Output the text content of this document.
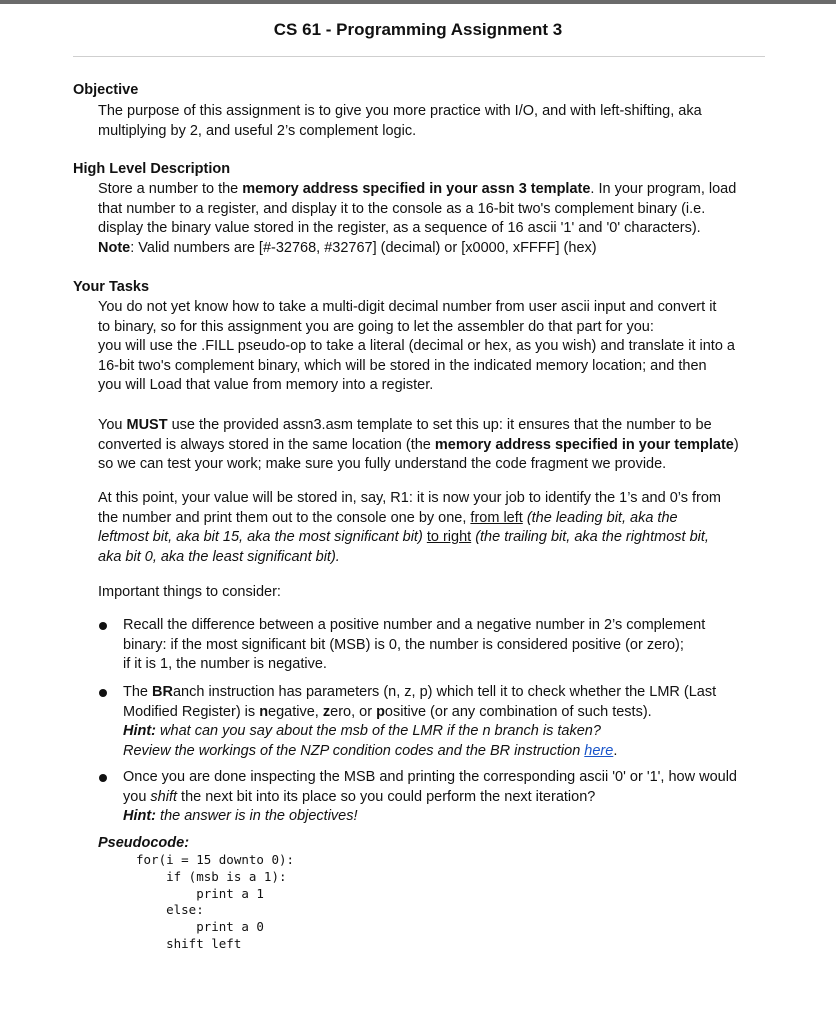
CS 61 - Programming Assignment 3
Objective
The purpose of this assignment is to give you more practice with I/O, and with left-shifting, aka
multiplying by 2, and useful 2’s complement logic.
High Level Description
Store a number to the memory address specified in your assn 3 template. In your program, load
that number to a register, and display it to the console as a 16-bit two's complement binary (i.e.
display the binary value stored in the register, as a sequence of 16 ascii '1' and '0' characters).
Note: Valid numbers are [#-32768, #32767] (decimal) or [x0000, xFFFF] (hex)
Your Tasks
You do not yet know how to take a multi-digit decimal number from user ascii input and convert it
to binary, so for this assignment you are going to let the assembler do that part for you:
you will use the .FILL pseudo-op to take a literal (decimal or hex, as you wish) and translate it into a
16-bit two's complement binary, which will be stored in the indicated memory location; and then
you will Load that value from memory into a register.
You MUST use the provided assn3.asm template to set this up: it ensures that the number to be
converted is always stored in the same location (the memory address specified in your template)
so we can test your work; make sure you fully understand the code fragment we provide.
At this point, your value will be stored in, say, R1: it is now your job to identify the 1’s and 0’s from
the number and print them out to the console one by one, from left (the leading bit, aka the
leftmost bit, aka bit 15, aka the most significant bit) to right (the trailing bit, aka the rightmost bit,
aka bit 0, aka the least significant bit).
Important things to consider:
Recall the difference between a positive number and a negative number in 2’s complement
binary: if the most significant bit (MSB) is 0, the number is considered positive (or zero);
if it is 1, the number is negative.
The BRanch instruction has parameters (n, z, p) which tell it to check whether the LMR (Last
Modified Register) is negative, zero, or positive (or any combination of such tests).
Hint: what can you say about the msb of the LMR if the n branch is taken?
Review the workings of the NZP condition codes and the BR instruction here.
Once you are done inspecting the MSB and printing the corresponding ascii '0' or '1', how would
you shift the next bit into its place so you could perform the next iteration?
Hint: the answer is in the objectives!
Pseudocode:
for(i = 15 downto 0):
if (msb is a 1):
print a 1
else:
print a 0
shift left
